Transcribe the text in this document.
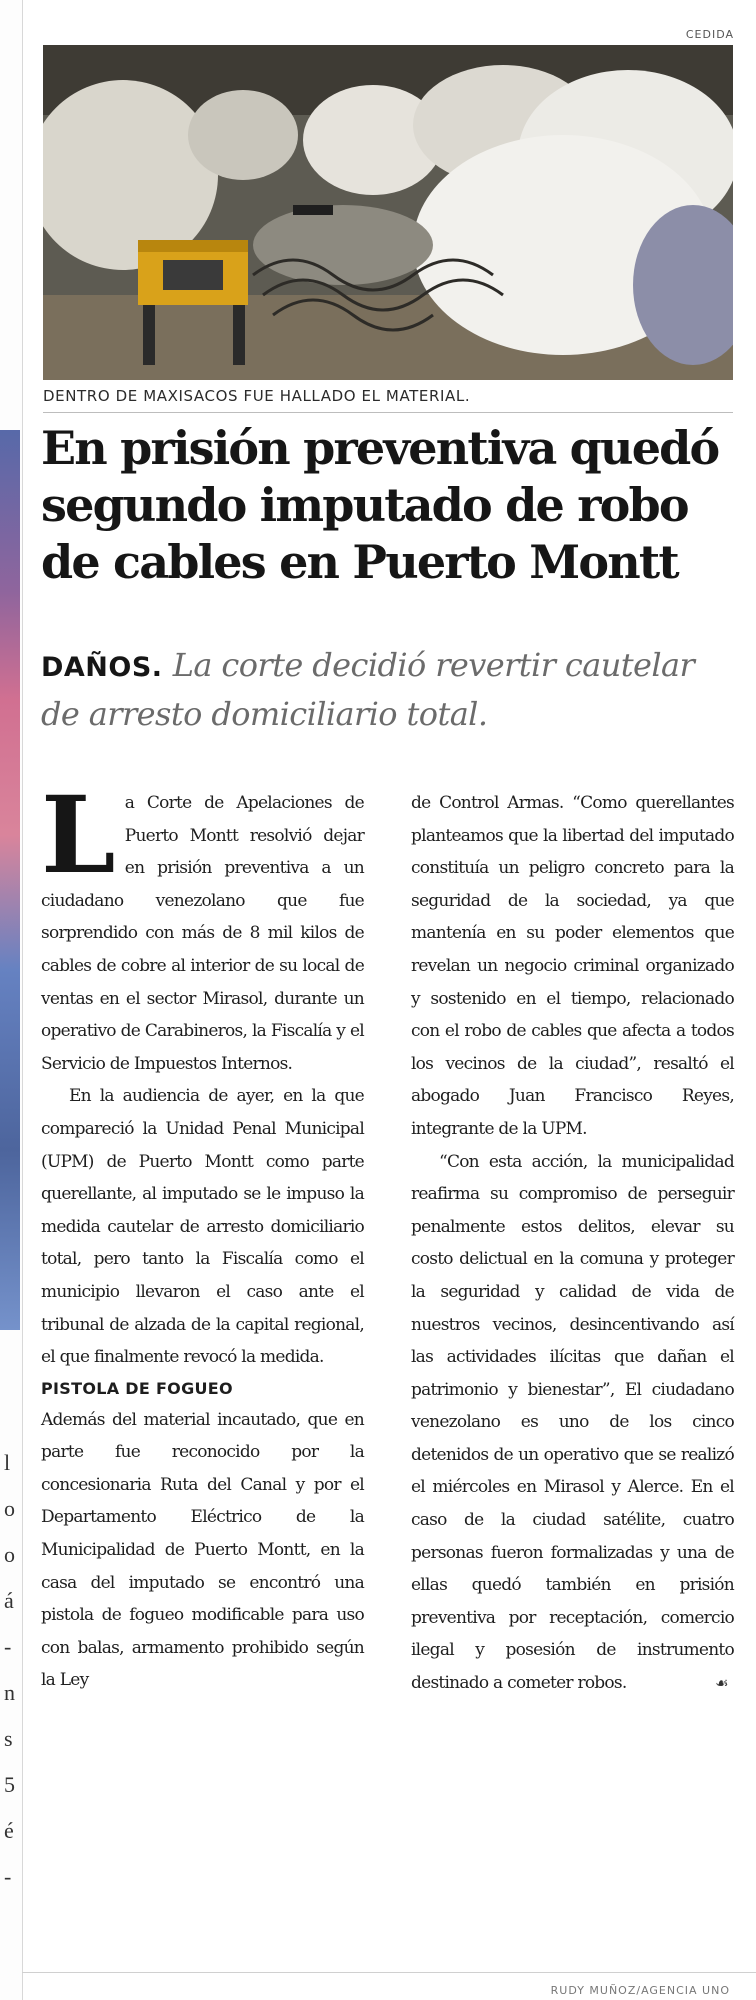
l
o
o
á
-
n
s
5
é
-
CEDIDA
DENTRO DE MAXISACOS FUE HALLADO EL MATERIAL.
En prisión preventiva quedó segundo imputado de robo de cables en Puerto Montt

DAÑOS. La corte decidió revertir cautelar de arresto domiciliario total.

La Corte de Apelaciones de Puerto Montt resolvió dejar en prisión preventiva a un ciudadano venezolano que fue sorprendido con más de 8 mil kilos de cables de cobre al interior de su local de ventas en el sector Mirasol, durante un operativo de Carabineros, la Fiscalía y el Servicio de Impuestos Internos.

En la audiencia de ayer, en la que compareció la Unidad Penal Municipal (UPM) de Puerto Montt como parte querellante, al imputado se le impuso la medida cautelar de arresto domiciliario total, pero tanto la Fiscalía como el municipio llevaron el caso ante el tribunal de alzada de la capital regional, el que finalmente revocó la medida.

PISTOLA DE FOGUEO

Además del material incautado, que en parte fue reconocido por la concesionaria Ruta del Canal y por el Departamento Eléctrico de la Municipalidad de Puerto Montt, en la casa del imputado se encontró una pistola de fogueo modificable para uso con balas, armamento prohibido según la Ley

de Control Armas. “Como querellantes planteamos que la libertad del imputado constituía un peligro concreto para la seguridad de la sociedad, ya que mantenía en su poder elementos que revelan un negocio criminal organizado y sostenido en el tiempo, relacionado con el robo de cables que afecta a todos los vecinos de la ciudad”, resaltó el abogado Juan Francisco Reyes, integrante de la UPM.

“Con esta acción, la municipalidad reafirma su compromiso de perseguir penalmente estos delitos, elevar su costo delictual en la comuna y proteger la seguridad y calidad de vida de nuestros vecinos, desincentivando así las actividades ilícitas que dañan el patrimonio y bienestar”, El ciudadano venezolano es uno de los cinco detenidos de un operativo que se realizó el miércoles en Mirasol y Alerce. En el caso de la ciudad satélite, cuatro personas fueron formalizadas y una de ellas quedó también en prisión preventiva por receptación, comercio ilegal y posesión de instrumento destinado a cometer robos.	☙

RUDY MUÑOZ/AGENCIA UNO
